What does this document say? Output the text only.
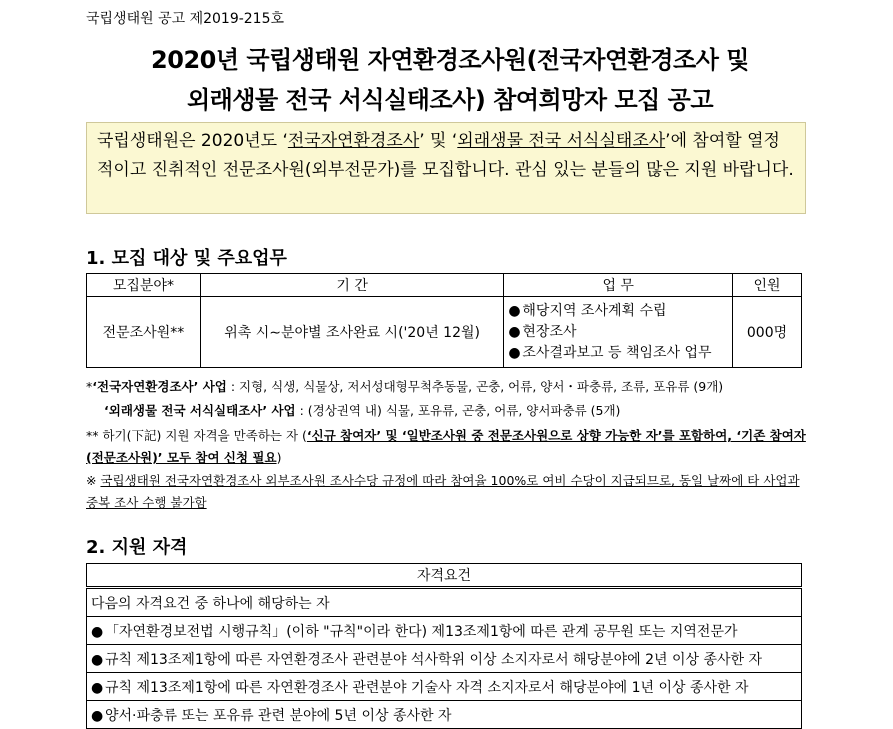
국립생태원 공고 제2019-215호
2020년 국립생태원 자연환경조사원(전국자연환경조사 및
외래생물 전국 서식실태조사) 참여희망자 모집 공고
국립생태원은 2020년도 ‘전국자연환경조사’ 및 ‘외래생물 전국 서식실태조사’에 참여할 열정적이고 진취적인 전문조사원(외부전문가)를 모집합니다. 관심 있는 분들의 많은 지원 바랍니다.
1. 모집 대상 및 주요업무
모집분야*	기 간	업 무	인원
전문조사원**	위촉 시∼분야별 조사완료 시('20년 12월)	● 해당지역 조사계획 수립
● 현장조사
● 조사결과보고 등 책임조사 업무	000명
*‘전국자연환경조사’ 사업 : 지형, 식생, 식물상, 저서성대형무척추동물, 곤충, 어류, 양서・파충류, 조류, 포유류 (9개)
‘외래생물 전국 서식실태조사’ 사업 : (경상권역 내) 식물, 포유류, 곤충, 어류, 양서파충류 (5개)
** 하기(下記) 지원 자격을 만족하는 자 (‘신규 참여자’ 및 ‘일반조사원 중 전문조사원으로 상향 가능한 자’를 포함하여, ‘기존 참여자(전문조사원)’ 모두 참여 신청 필요)
※ 국립생태원 전국자연환경조사 외부조사원 조사수당 규정에 따라 참여율 100%로 여비 수당이 지급되므로, 동일 날짜에 타 사업과 중복 조사 수행 불가함
2. 지원 자격
자격요건
다음의 자격요건 중 하나에 해당하는 자
● 「자연환경보전법 시행규칙」(이하 "규칙"이라 한다) 제13조제1항에 따른 관계 공무원 또는 지역전문가
● 규칙 제13조제1항에 따른 자연환경조사 관련분야 석사학위 이상 소지자로서 해당분야에 2년 이상 종사한 자
● 규칙 제13조제1항에 따른 자연환경조사 관련분야 기술사 자격 소지자로서 해당분야에 1년 이상 종사한 자
● 양서·파충류 또는 포유류 관련 분야에 5년 이상 종사한 자
